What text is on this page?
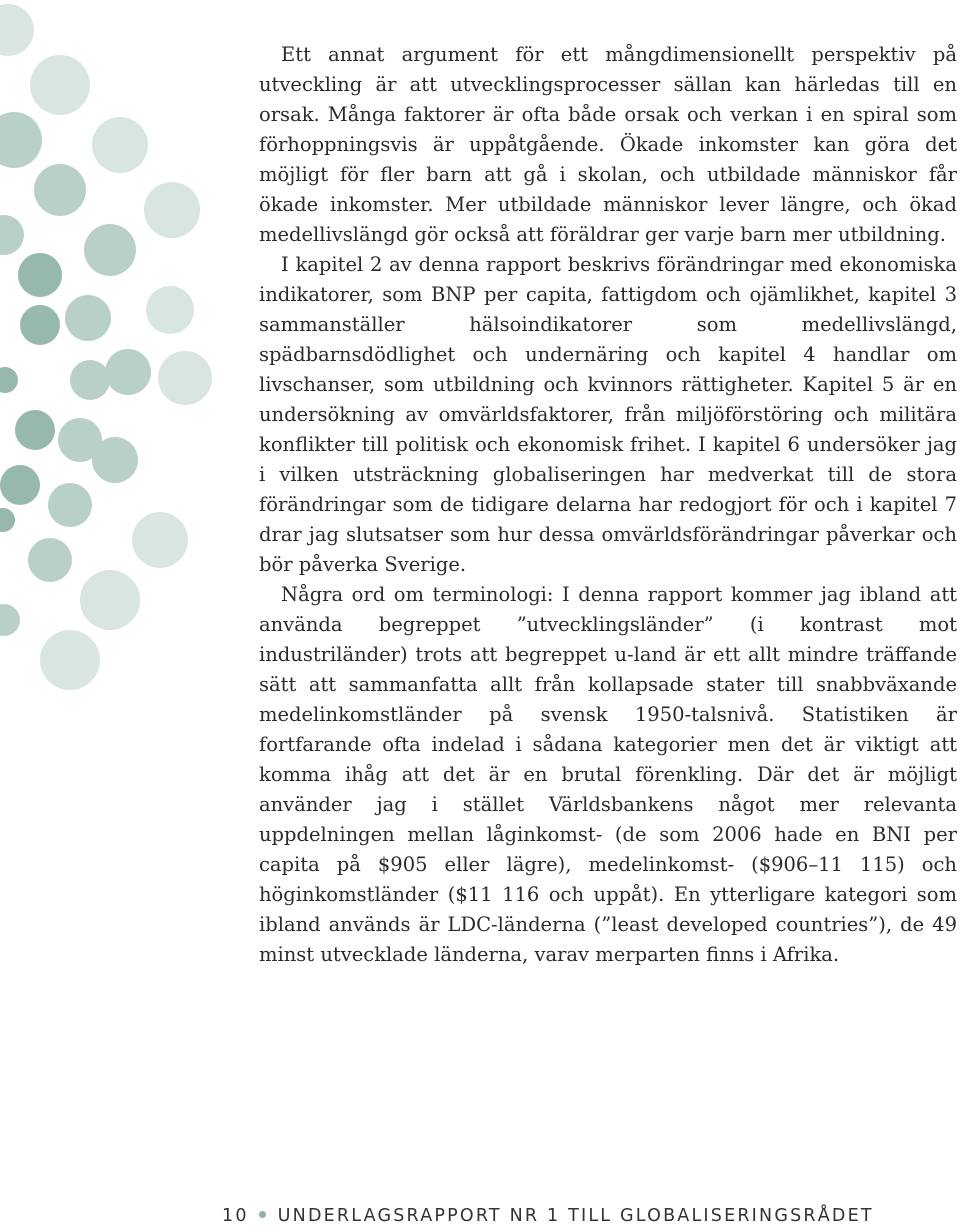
Ett annat argument för ett mångdimensionellt perspektiv på utveckling är att utvecklingsprocesser sällan kan härledas till en orsak. Många faktorer är ofta både orsak och verkan i en spiral som förhoppningsvis är uppåtgående. Ökade inkomster kan göra det möjligt för fler barn att gå i skolan, och utbildade människor får ökade inkomster. Mer utbildade människor lever längre, och ökad medellivslängd gör också att föräldrar ger varje barn mer utbildning.

I kapitel 2 av denna rapport beskrivs förändringar med ekonomiska indikatorer, som BNP per capita, fattigdom och ojämlikhet, kapitel 3 sammanställer hälsoindikatorer som medellivslängd, spädbarnsdödlighet och undernäring och kapitel 4 handlar om livschanser, som utbildning och kvinnors rättigheter. Kapitel 5 är en undersökning av omvärldsfaktorer, från miljöförstöring och militära konflikter till politisk och ekonomisk frihet. I kapitel 6 undersöker jag i vilken utsträckning globaliseringen har medverkat till de stora förändringar som de tidigare delarna har redogjort för och i kapitel 7 drar jag slutsatser som hur dessa omvärldsförändringar påverkar och bör påverka Sverige.

Några ord om terminologi: I denna rapport kommer jag ibland att använda begreppet ”utvecklingsländer” (i kontrast mot industriländer) trots att begreppet u-land är ett allt mindre träffande sätt att sammanfatta allt från kollapsade stater till snabbväxande medelinkomstländer på svensk 1950-talsnivå. Statistiken är fortfarande ofta indelad i sådana kategorier men det är viktigt att komma ihåg att det är en brutal förenkling. Där det är möjligt använder jag i stället Världsbankens något mer relevanta uppdelningen mellan låginkomst- (de som 2006 hade en BNI per capita på $905 eller lägre), medelinkomst- ($906–11 115) och höginkomstländer ($11 116 och uppåt). En ytterligare kategori som ibland används är LDC-länderna (”least developed countries”), de 49 minst utvecklade länderna, varav merparten finns i Afrika.

10 UNDERLAGSRAPPORT NR 1 TILL GLOBALISERINGSRÅDET
